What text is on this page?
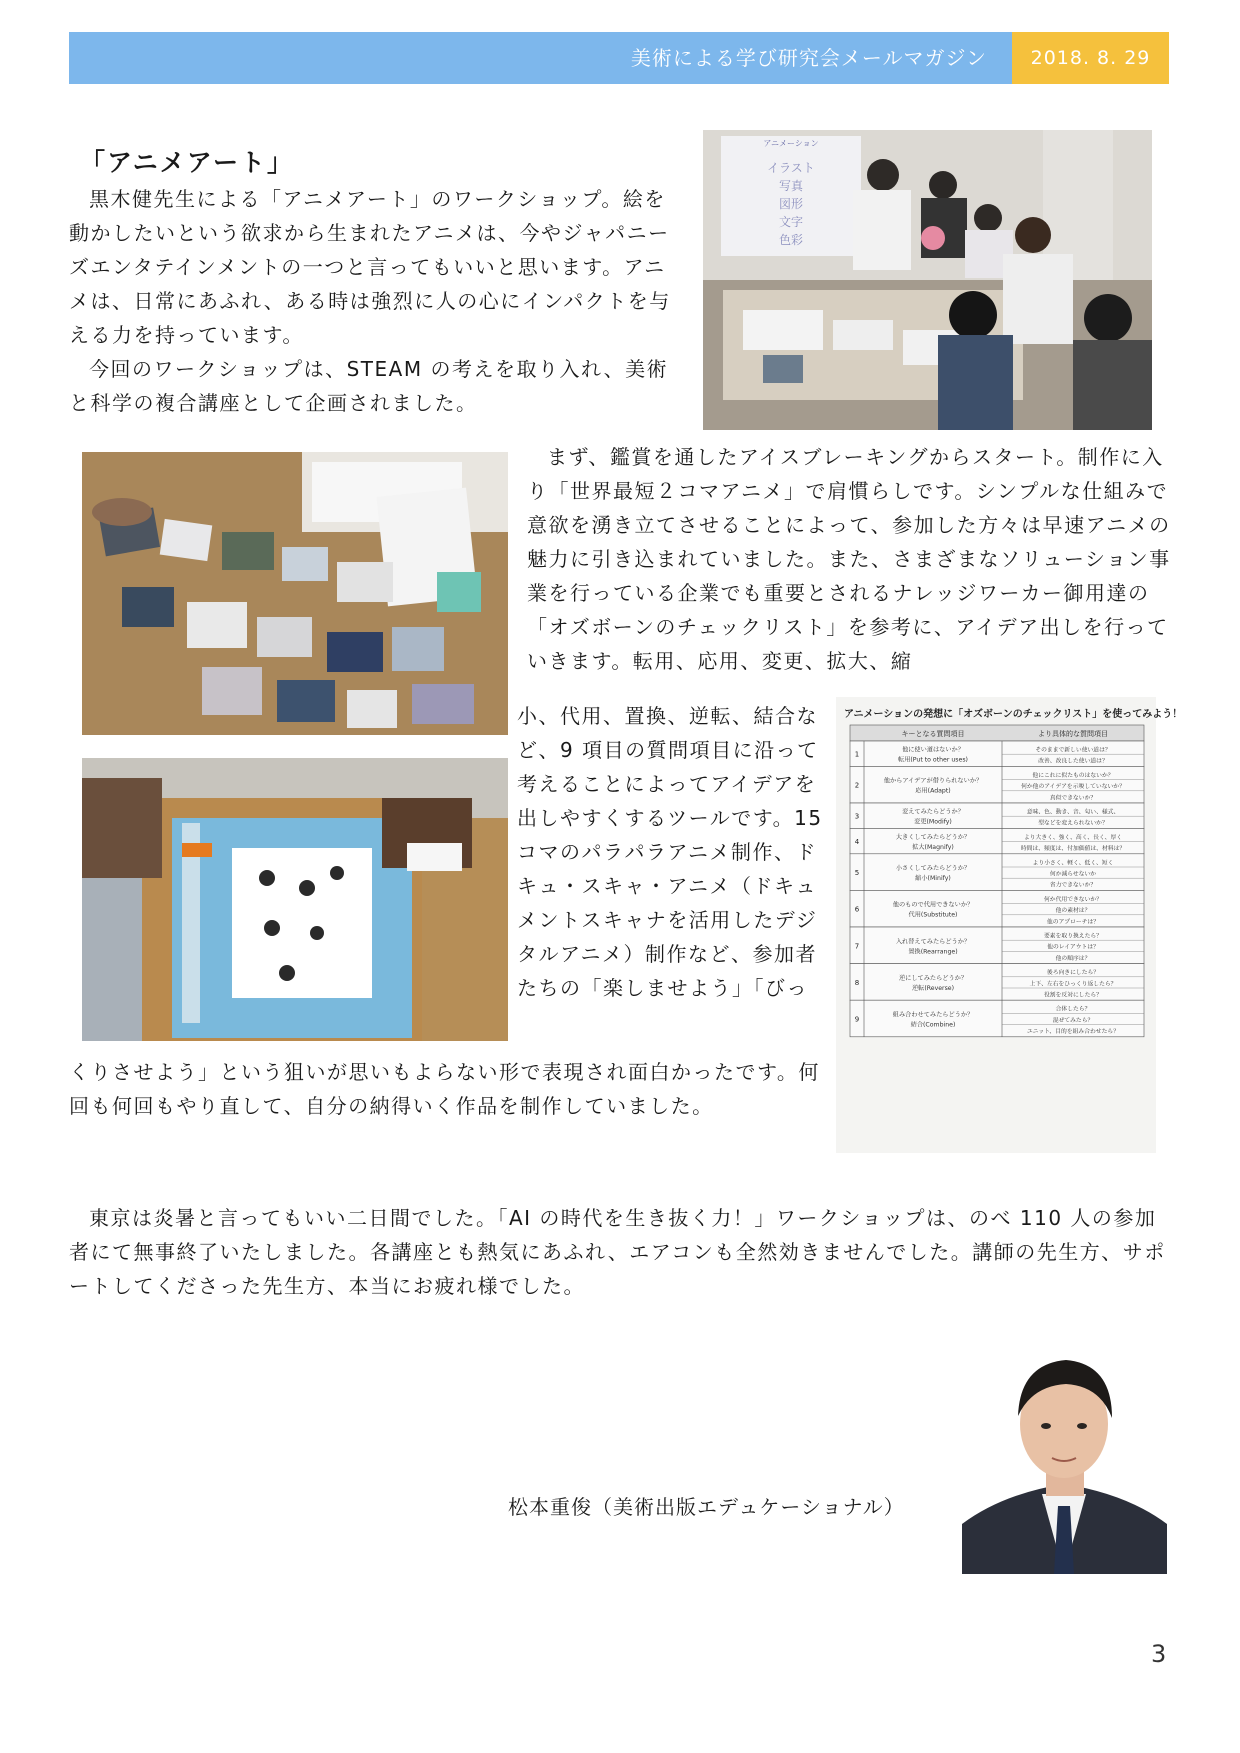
美術による学び研究会メールマガジン	2018. 8. 29
「アニメアート」

黒木健先生による「アニメアート」のワークショップ。絵を動かしたいという欲求から生まれたアニメは、今やジャパニーズエンタテインメントの一つと言ってもいいと思います。アニメは、日常にあふれ、ある時は強烈に人の心にインパクトを与える力を持っています。

今回のワークショップは、STEAM の考えを取り入れ、美術と科学の複合講座として企画されました。

まず、鑑賞を通したアイスブレーキングからスタート。制作に入り「世界最短２コマアニメ」で肩慣らしです。シンプルな仕組みで意欲を湧き立てさせることによって、参加した方々は早速アニメの魅力に引き込まれていました。また、さまざまなソリューション事業を行っている企業でも重要とされるナレッジワーカー御用達の「オズボーンのチェックリスト」を参考に、アイデア出しを行っていきます。転用、応用、変更、拡大、縮

小、代用、置換、逆転、結合など、9 項目の質問項目に沿って考えることによってアイデアを出しやすくするツールです。15 コマのパラパラアニメ制作、ドキュ・スキャ・アニメ（ドキュメントスキャナを活用したデジタルアニメ）制作など、参加者たちの「楽しませよう」「びっ

くりさせよう」という狙いが思いもよらない形で表現され面白かったです。何回も何回もやり直して、自分の納得いく作品を制作していました。

東京は炎暑と言ってもいい二日間でした。「AI の時代を生き抜く力！」ワークショップは、のべ 110 人の参加者にて無事終了いたしました。各講座とも熱気にあふれ、エアコンも全然効きませんでした。講師の先生方、サポートしてくださった先生方、本当にお疲れ様でした。

松本重俊（美術出版エデュケーショナル）
アニメーション
イラスト
写真
図形
文字
色彩
アニメーションの発想に「オズボーンのチェックリスト」を使ってみよう！
キーとなる質問項目	より具体的な質問項目
1
他に使い道はないか？
転用(Put to other uses)
そのままで新しい使い道は？
改善、改良した使い道は？
2
他からアイデアが借りられないか？
応用(Adapt)
他にこれに似たものはないか？
何か他のアイデアを示唆していないか？
真似できないか？
3
変えてみたらどうか？
変更(Modify)
意味、色、動き、音、匂い、様式、
型などを変えられないか？
4
大きくしてみたらどうか？
拡大(Magnify)
より大きく、強く、高く、長く、厚く
時間は、頻度は、付加価値は、材料は？
5
小さくしてみたらどうか？
縮小(Minify)
より小さく、軽く、低く、短く
何か減らせないか
省力できないか？
6
他のもので代用できないか？
代用(Substitute)
何か代用できないか？
他の素材は？
他のアプローチは？
7
入れ替えてみたらどうか？
置換(Rearrange)
要素を取り換えたら？
他のレイアウトは？
他の順序は？
8
逆にしてみたらどうか？
逆転(Reverse)
後ろ向きにしたら？
上下、左右をひっくり返したら？
役割を反対にしたら？
9
組み合わせてみたらどうか？
結合(Combine)
合体したら？
混ぜてみたら？
ユニット、目的を組み合わせたら？
3
